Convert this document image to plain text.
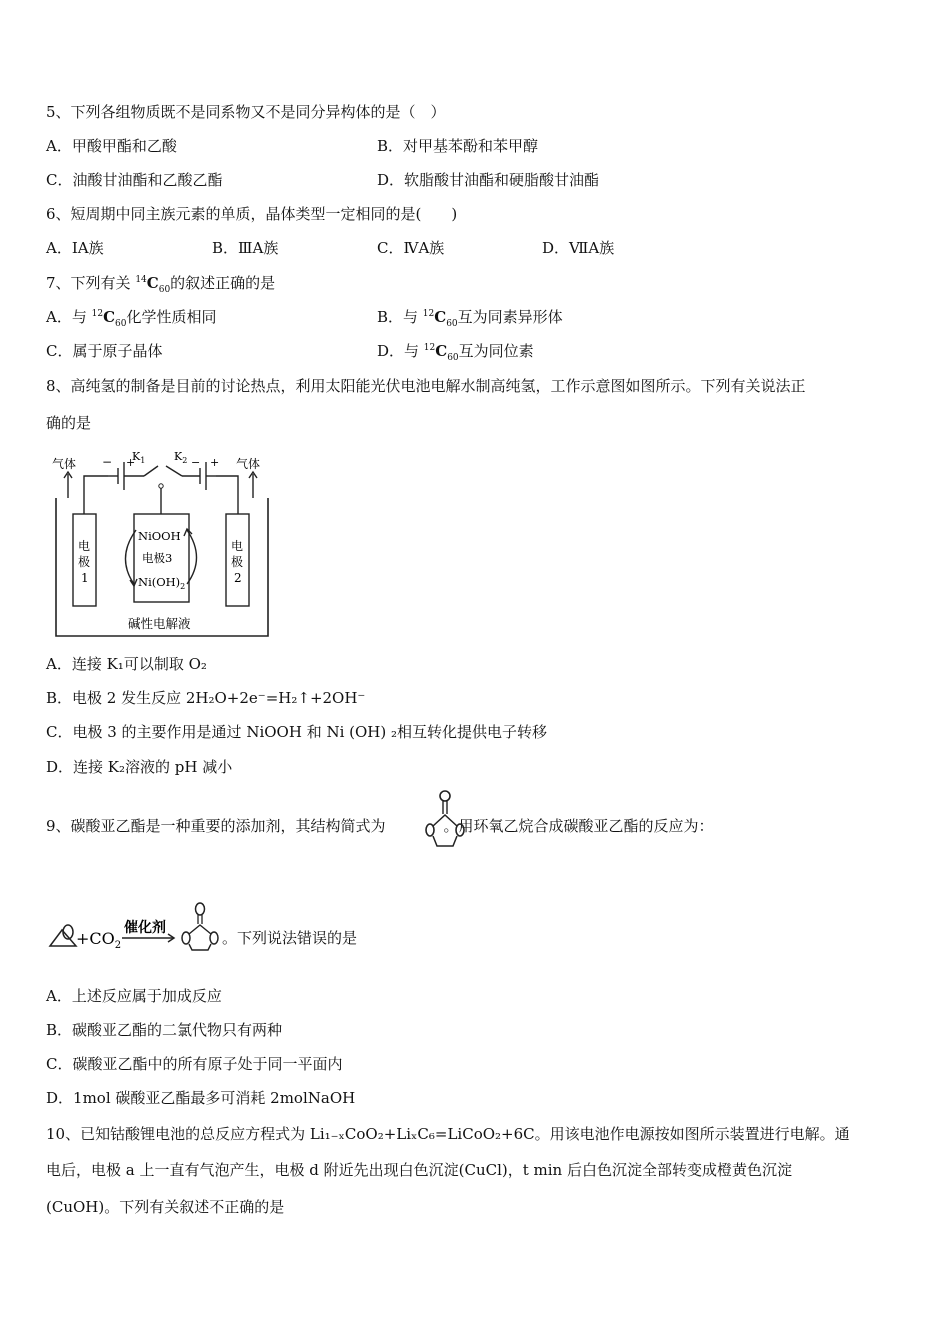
5、下列各组物质既不是同系物又不是同分异构体的是（　）
A．甲酸甲酯和乙酸	B．对甲基苯酚和苯甲醇
C．油酸甘油酯和乙酸乙酯	D．软脂酸甘油酯和硬脂酸甘油酯
6、短周期中同主族元素的单质，晶体类型一定相同的是(　　)
A．ⅠA族	B．ⅢA族	C．ⅣA族	D．ⅦA族
7、下列有关 $^{14}C_{60}$的叙述正确的是
A．与 $^{12}C_{60}$化学性质相同	B．与 $^{12}C_{60}$互为同素异形体
C．属于原子晶体	D．与 $^{12}C_{60}$互为同位素
8、高纯氢的制备是目前的讨论热点，利用太阳能光伏电池电解水制高纯氢，工作示意图如图所示。下列有关说法正
确的是
气体	气体
− +
$K_1$	$K_2$ − +
电
极
1
电
极
2
NiOOH
电极3
$Ni(OH)_2$
碱性电解液
A．连接 K₁可以制取 O₂
B．电极 2 发生反应 2H₂O+2e⁻=H₂↑+2OH⁻
C．电极 3 的主要作用是通过 NiOOH 和 Ni (OH) ₂相互转化提供电子转移
D．连接 K₂溶液的 pH 减小
9、碳酸亚乙酯是一种重要的添加剂，其结构简式为	。用环氧乙烷合成碳酸亚乙酯的反应为：
$+CO_2$
催化剂
。下列说法错误的是
A．上述反应属于加成反应
B．碳酸亚乙酯的二氯代物只有两种
C．碳酸亚乙酯中的所有原子处于同一平面内
D．1mol 碳酸亚乙酯最多可消耗 2molNaOH
10、已知钴酸锂电池的总反应方程式为 Li₁₋ₓCoO₂+LiₓC₆=LiCoO₂+6C。用该电池作电源按如图所示装置进行电解。通
电后，电极 a 上一直有气泡产生，电极 d 附近先出现白色沉淀(CuCl)，t min 后白色沉淀全部转变成橙黄色沉淀
(CuOH)。下列有关叙述不正确的是
